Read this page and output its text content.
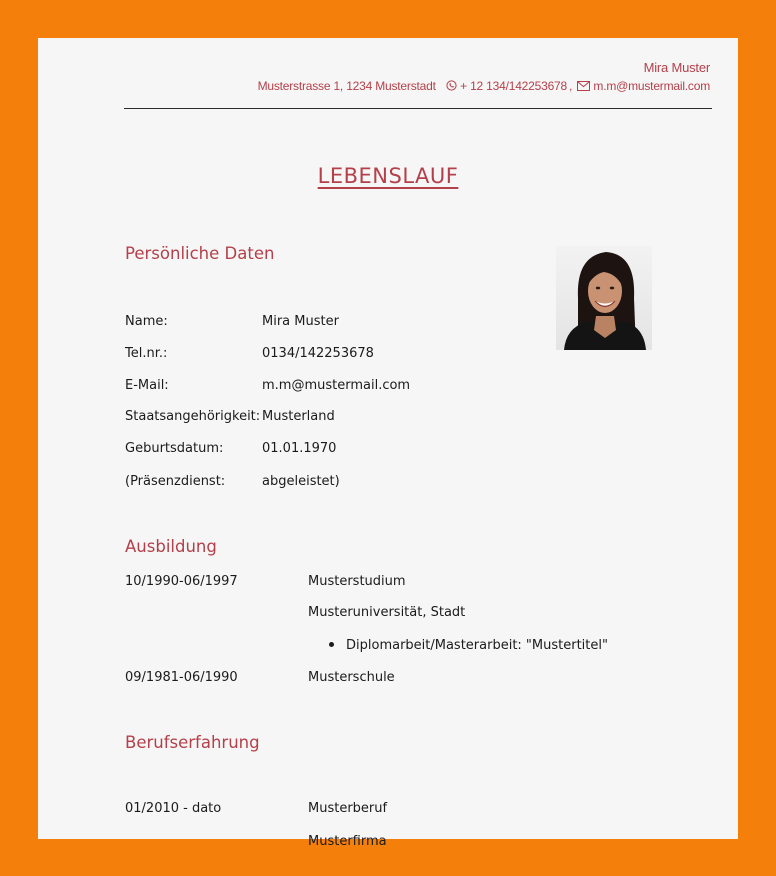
Mira Muster
Musterstrasse 1, 1234 Musterstadt + 12 134/142253678 , m.m@mustermail.com
LEBENSLAUF
Persönliche Daten
Name:	Mira Muster
Tel.nr.:	0134/142253678
E-Mail:	m.m@mustermail.com
Staatsangehörigkeit: Musterland
Geburtsdatum:	01.01.1970
(Präsenzdienst:	abgeleistet)
Ausbildung
10/1990-06/1997	Musterstudium
Musteruniversität, Stadt
Diplomarbeit/Masterarbeit: "Mustertitel"
09/1981-06/1990	Musterschule
Berufserfahrung
01/2010 - dato	Musterberuf
Musterfirma
